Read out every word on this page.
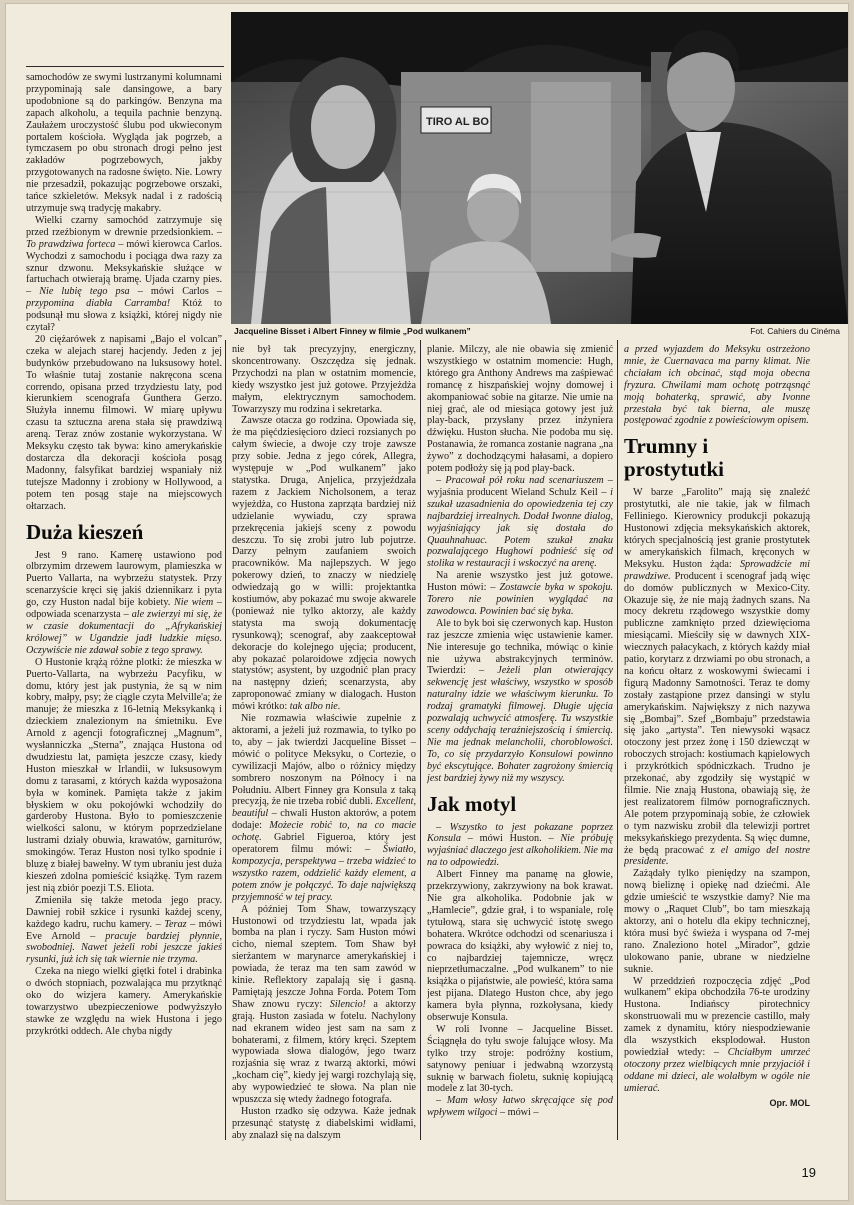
TIRO AL BO
Jacqueline Bisset i Albert Finney w filmie „Pod wulkanem”	Fot. Cahiers du Cinéma

samochodów ze swymi lustrzanymi kolumnami przypominają sale dansingowe, a bary upodobnione są do parkingów. Benzyna ma zapach alkoholu, a tequila pachnie benzyną. Zaułażem uroczystość ślubu pod ukwieconym portalem kościoła. Wygląda jak pogrzeb, a tymczasem po obu stronach drogi pełno jest zakładów pogrzebowych, jakby przygotowanych na radosne święto. Nie. Lowry nie przesadził, pokazując pogrzebowe orszaki, tańce szkieletów. Meksyk nadal i z radością utrzymuje swą tradycję makabry.

Wielki czarny samochód zatrzymuje się przed rzeźbionym w drewnie przedsionkiem. – To prawdziwa forteca – mówi kierowca Carlos. Wychodzi z samochodu i pociąga dwa razy za sznur dzwonu. Meksykańskie służące w fartuchach otwierają bramę. Ujada czarny pies. – Nie lubię tego psa – mówi Carlos – przypomina diabła Carramba! Któż to podsunął mu słowa z książki, której nigdy nie czytał?

20 ciężarówek z napisami „Bajo el volcan” czeka w alejach starej hacjendy. Jeden z jej budynków przebudowano na luksusowy hotel. To właśnie tutaj zostanie nakręcona scena correndo, opisana przed trzydziestu laty, pod kierunkiem scenografa Gunthera Gerzo. Służyła innemu filmowi. W miarę upływu czasu ta sztuczna arena stała się prawdziwą areną. Teraz znów zostanie wykorzystana. W Meksyku często tak bywa: kino amerykańskie dostarcza dla dekoracji kościoła posąg Madonny, falsyfikat bardziej wspaniały niż tutejsze Madonny i zrobiony w Hollywood, a potem ten posąg staje na miejscowych ołtarzach.

Duża kieszeń

Jest 9 rano. Kamerę ustawiono pod olbrzymim drzewem laurowym, plamieszka w Puerto Vallarta, na wybrzeżu statystek. Przy scenarzyście kręci się jakiś dziennikarz i pyta go, czy Huston nadal bije kobiety. Nie wiem – odpowiada scenarzysta – ale zwierzyi mi się, że w czasie dokumentacji do „Afrykańskiej królowej” w Ugandzie jadł ludzkie mięso. Oczywiście nie zdawał sobie z tego sprawy.

O Hustonie krążą różne plotki: że mieszka w Puerto-Vallarta, na wybrzeżu Pacyfiku, w domu, który jest jak pustynia, że są w nim kobry, małpy, psy; że ciągle czyta Melville'a; że manuje; że mieszka z 16-letnią Meksykanką i dzieckiem znalezionym na śmietniku. Eve Arnold z agencji fotograficznej „Magnum”, wysłanniczka „Sterna”, znająca Hustona od dwudziestu lat, pamięta jeszcze czasy, kiedy Huston mieszkał w Irlandii, w luksusowym domu z tarasami, z których każda wyposażona była w kominek. Pamięta także z jakim błyskiem w oku pokojówki wchodziły do garderoby Hustona. Było to pomieszczenie wielkości salonu, w którym poprzedzielane lustrami działy obuwia, krawatów, garniturów, smokingów. Teraz Huston nosi tylko spodnie i bluzę z białej bawełny. W tym ubraniu jest duża kieszeń zdolna pomieścić książkę. Tym razem jest nią zbiór poezji T.S. Eliota.

Zmieniła się także metoda jego pracy. Dawniej robił szkice i rysunki każdej sceny, każdego kadru, ruchu kamery. – Teraz – mówi Eve Arnold – pracuje bardziej płynnie, swobodniej. Nawet jeżeli robi jeszcze jakieś rysunki, już ich się tak wiernie nie trzyma.

Czeka na niego wielki giętki fotel i drabinka o dwóch stopniach, pozwalająca mu przytknąć oko do wizjera kamery. Amerykańskie towarzystwo ubezpieczeniowe podwyższyło stawke ze względu na wiek Hustona i jego przykrótki oddech. Ale chyba nigdy

nie był tak precyzyjny, energiczny, skoncentrowany. Oszczędza się jednak. Przychodzi na plan w ostatnim momencie, kiedy wszystko jest już gotowe. Przyjeżdża małym, elektrycznym samochodem. Towarzyszy mu rodzina i sekretarka.

Zawsze otacza go rodzina. Opowiada się, że ma pięćdziesięciorо dzieci rozsianych po całym świecie, a dwoje czy troje zawsze przy sobie. Jedna z jego córek, Allegra, występuje w „Pod wulkanem” jako statystka. Druga, Anjelica, przyjeźdzała razem z Jackiem Nicholsonem, a teraz wyjeżdża, co Hustona zaprząta bardziej niż udzielanie wywiadu, czy sprawa przekręcenia jakiejś sceny z powodu deszczu. To się zrobi jutro lub pojutrze. Darzy pełnym zaufaniem swoich pracowników. Ma najlepszych. W jego pokerowy dzień, to znaczy w niedzielę odwiedzają go w willi: projektantka kostiumów, aby pokazać mu swoje akwarele (ponieważ nie tylko aktorzy, ale każdy statysta ma swoją dokumentację rysunkową); scenograf, aby zaakceptował dekoracje do kolejnego ujęcia; producent, aby pokazać polaroidowe zdjęcia nowych statystów; asystent, by uzgodnić plan pracy na następny dzień; scenarzysta, aby zaproponować zmiany w dialogach. Huston mówi krótko: tak albo nie.

Nie rozmawia właściwie zupełnie z aktorami, a jeżeli już rozmawia, to tylko po to, aby – jak twierdzi Jacqueline Bisset – mówić o polityce Meksyku, o Cortezie, o cywilizacji Majów, albo o różnicy między sombrero noszonym na Północy i na Południu. Albert Finney gra Konsula z taką precyzją, że nie trzeba robić dubli. Excellent, beautiful – chwali Huston aktorów, a potem dodaje: Możecie robić to, na co macie ochotę. Gabriel Figueroa, który jest operatorem filmu mówi: – Światło, kompozycja, perspektywa – trzeba widzieć to wszystko razem, oddzielić każdy element, a potem znów je połączyć. To daje największą przyjemność w tej pracy.

A później Tom Shaw, towarzyszący Hustonowi od trzydziestu lat, wpada jak bomba na plan i ryczy. Sam Huston mówi cicho, niemal szeptem. Tom Shaw był sierżantem w marynarce amerykańskiej i powiada, że teraz ma ten sam zawód w kinie. Reflektory zapalają się i gasną. Pamiętają jeszcze Johna Forda. Potem Tom Shaw znowu ryczy: Silencio! a aktorzy grają. Huston zasiada w fotelu. Nachylony nad ekranem wideo jest sam na sam z bohaterami, z filmem, który kręci. Szeptem wypowiada słowa dialogów, jego twarz rozjaśnia się wraz z twarzą aktorki, mówi „kocham cię”, kiedy jej wargi rozchylają się, aby wypowiedzieć te słowa. Na plan nie wpuszcza się wtedy żadnego fotografa.

Huston rzadko się odzywa. Każe jednak przesunąć statystę z diabelskimi widłami, aby znalazł się na dalszym

planie. Milczy, ale nie obawia się zmienić wszystkiego w ostatnim momencie: Hugh, którego gra Anthony Andrews ma zaśpiewać romancę z hiszpańskiej wojny domowej i akompaniować sobie na gitarze. Nie umie na niej grać, ale od miesiąca gotowy jest już play-back, przysłany przez inżyniera dźwięku. Huston słucha. Nie podoba mu się. Postanawia, że romanca zostanie nagrana „na żywo” z dochodzącymi hałasami, a dopiero potem podłoży się ją pod play-back.

– Pracował pół roku nad scenariuszem – wyjaśnia producent Wieland Schulz Keil – i szukał uzasadnienia do opowiedzenia tej czy najbardziej irrealnych. Dodał Iwonne dialog, wyjaśniający jak się dostała do Quauhnahuac. Potem szukał znaku pozwalającego Hughowi podnieść się od stolika w restauracji i wskoczyć na arenę.

Na arenie wszystko jest już gotowe. Huston mówi: – Zostawcie byka w spokoju. Torero nie powinien wyglądać na zawodowca. Powinien bać się byka.

Ale to byk boi się czerwonych kap. Huston raz jeszcze zmienia więc ustawienie kamer. Nie interesuje go technika, mówiąc o kinie nie używa abstrakcyjnych terminów. Twierdzi: – Jeżeli plan otwierający sekwencję jest właściwy, wszystko w sposób naturalny idzie we właściwym kierunku. To rodzaj gramatyki filmowej. Długie ujęcia pozwalają uchwycić atmosferę. Tu wszystkie sceny oddychają teraźniejszością i śmiercią. Nie ma jednak melancholii, choroblowości. To, co się przydarzyło Konsulowi powinno być ekscytujące. Bohater zagrożony śmiercią jest bardziej żywy niż my wszyscy.

Jak motyl

– Wszystko to jest pokazane poprzez Konsula – mówi Huston. – Nie próbuję wyjaśniać dlaczego jest alkoholikiem. Nie ma na to odpowiedzi.

Albert Finney ma panamę na głowie, przekrzywiony, zakrzywiony na bok krawat. Nie gra alkoholika. Podobnie jak w „Hamlecie”, gdzie grał, i to wspaniale, rolę tytułową, stara się uchwycić istotę swego bohatera. Wkrótce odchodzi od scenariusza i powraca do książki, aby wyłowić z niej to, co najbardziej tajemnicze, wręcz nieprzetłumaczalne. „Pod wulkanem” to nie książka o pijaństwie, ale powieść, która sama jest pijana. Dlatego Huston chce, aby jego kamera była płynna, rozkołysana, kiedy obserwuje Konsula.

W roli Ivonne – Jacqueline Bisset. Ściągnęła do tyłu swoje falujące włosy. Ma tylko trzy stroje: podróżny kostium, satynowy peniuar i jedwabną wzorzystą suknię w barwach fioletu, suknię kopiującą modele z lat 30-tych.

– Mam włosy łatwo skręcające się pod wpływem wilgoci – mówi –

a przed wyjazdem do Meksyku ostrzeżono mnie, że Cuernavaca ma parny klimat. Nie chciałam ich obcinać, stąd moja obecna fryzura. Chwilami mam ochotę potrząsnąć moją bohaterką, sprawić, aby Ivonne przestała być tak bierna, ale muszę postępować zgodnie z powieściowym opisem.

Trumny i prostytutki

W barze „Farolito” mają się znaleźć prostytutki, ale nie takie, jak w filmach Felliniego. Kierownicy produkcji pokazują Hustonowi zdjęcia meksykańskich aktorek, których specjalnością jest granie prostytutek w amerykańskich filmach, kręconych w Meksyku. Huston żąda: Sprowadźcie mi prawdziwe. Producent i scenograf jadą więc do domów publicznych w Mexico-City. Okazuje się, że nie mają żadnych szans. Na mocy dekretu rządowego wszystkie domy publiczne zamknięto przed dziewięcioma miesiącami. Mieściły się w dawnych XIX-wiecznych pałacykach, z których każdy miał patio, korytarz z drzwiami po obu stronach, a na końcu ołtarz z woskowymi świecami i figurą Madonny Samotności. Teraz te domy zostały zastąpione przez dansingi w stylu amerykańskim. Największy z nich nazywa się „Bombaj”. Szef „Bombaju” przedstawia się jako „artysta”. Ten niewysoki wąsacz otoczony jest przez żonę i 150 dziewcząt w roboczych strojach: kostiumach kąpielowych i przykrótkich spódniczkach. Trudno je przekonać, aby zgodziły się wystąpić w filmie. Nie znają Hustona, obawiają się, że jest realizatorem filmów pornograficznych. Ale potem przypominają sobie, że człowiek o tym nazwisku zrobił dla telewizji portret meksykańskiego prezydenta. Są więc dumne, że będą pracować z el amigo del nostre presidente.

Zażądały tylko pieniędzy na szampon, nową bieliznę i opiekę nad dziećmi. Ale gdzie umieścić te wszystkie damy? Nie ma mowy o „Raquet Club”, bo tam mieszkają aktorzy, ani o hotelu dla ekipy technicznej, która musi być świeża i wyspana od 7-mej rano. Znaleziono hotel „Mirador”, gdzie ulokowano panie, ubrane w niedzielne suknie.

W przeddzień rozpoczęcia zdjęć „Pod wulkanem” ekipa obchodziła 76-te urodziny Hustona. Indiańscy pirotechnicy skonstruowali mu w prezencie castillo, mały zamek z dynamitu, który niespodziewanie dla wszystkich eksplodował. Huston powiedział wtedy: – Chciałbym umrzeć otoczony przez wielbiących mnie przyjaciół i oddane mi dzieci, ale wolałbym w ogóle nie umierać.

Opr. MOL
19
